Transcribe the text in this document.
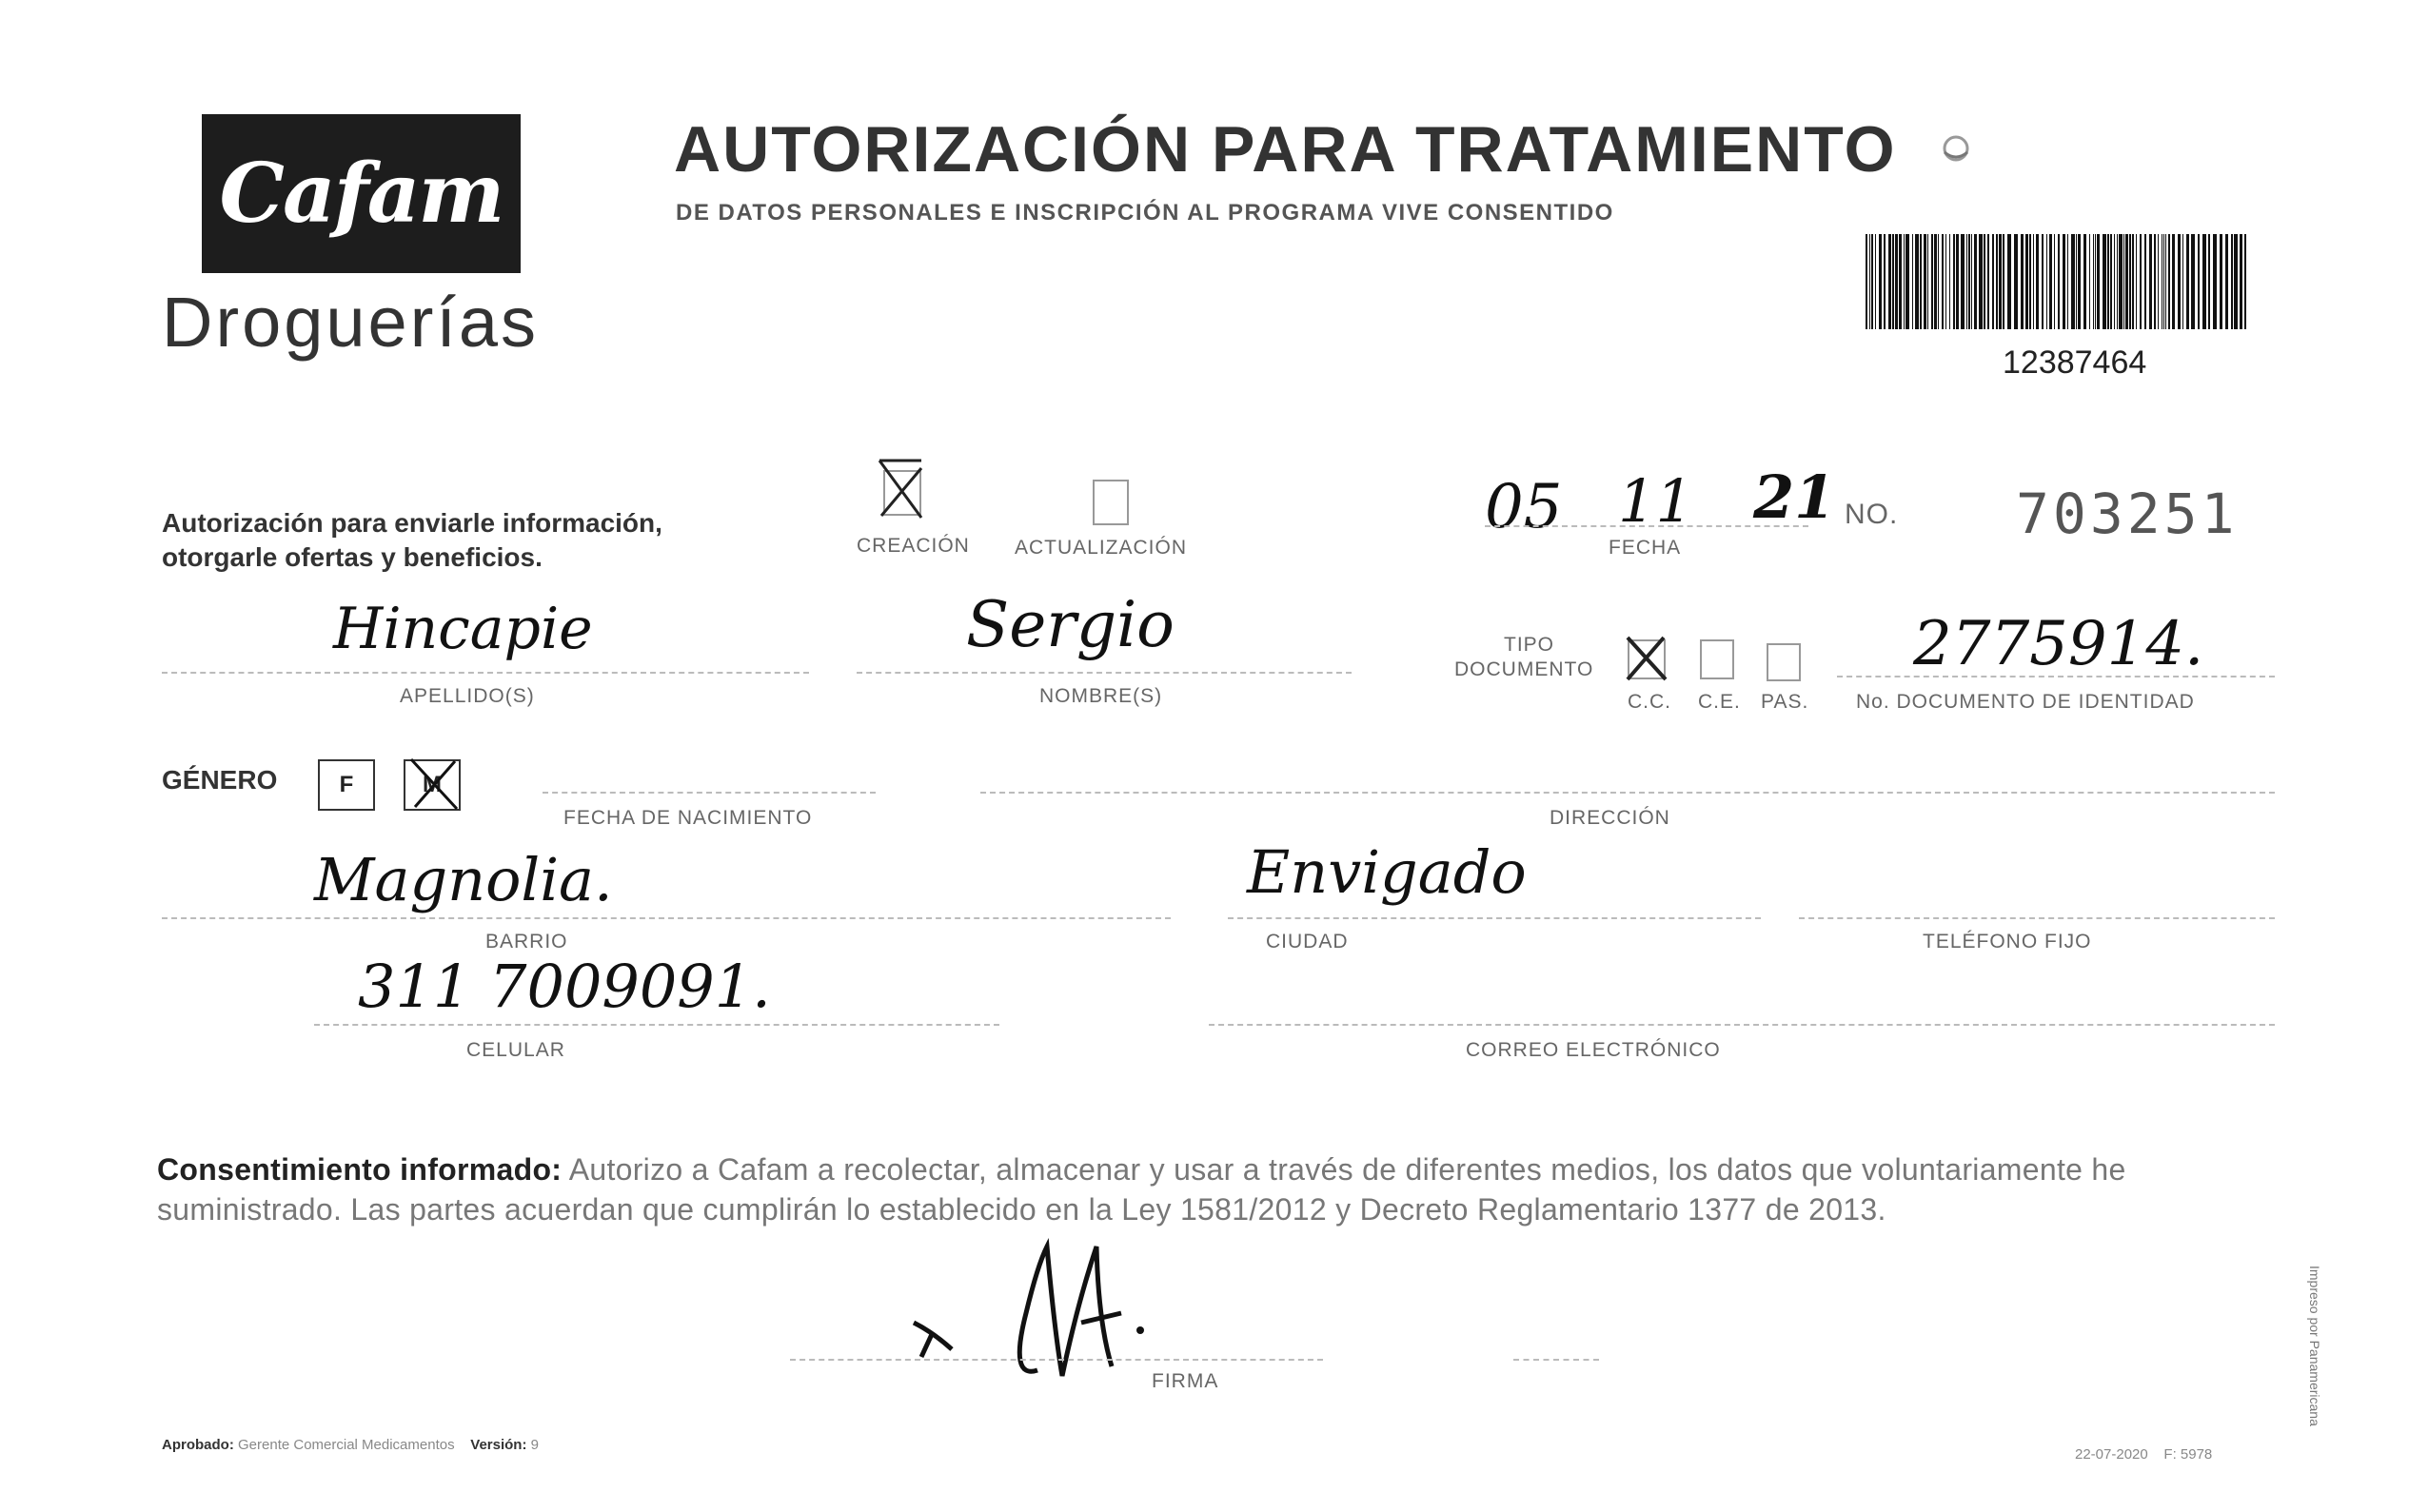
Cafam
Droguerías
AUTORIZACIÓN PARA TRATAMIENTO
DE DATOS PERSONALES E INSCRIPCIÓN AL PROGRAMA VIVE CONSENTIDO
12387464
Autorización para enviarle información,
otorgarle ofertas y beneficios.	CREACIÓN ACTUALIZACIÓN
05 11 21
FECHA
NO. 703251
Hincapie
APELLIDO(S)
Sergio
NOMBRE(S)
TIPO
DOCUMENTO
C.C. C.E. PAS.
2775914.
No. DOCUMENTO DE IDENTIDAD
GÉNERO	F	M
FECHA DE NACIMIENTO	DIRECCIÓN
Magnolia.
BARRIO
Envigado
CIUDAD	TELÉFONO FIJO
311 7009091.
CELULAR	CORREO ELECTRÓNICO
Consentimiento informado: Autorizo a Cafam a recolectar, almacenar y usar a través de diferentes medios, los datos que voluntariamente he suministrado. Las partes acuerdan que cumplirán lo establecido en la Ley 1581/2012 y Decreto Reglamentario 1377 de 2013.
FIRMA
Aprobado: Gerente Comercial Medicamentos Versión: 9
22-07-2020 F: 5978
Impreso por Panamericana
